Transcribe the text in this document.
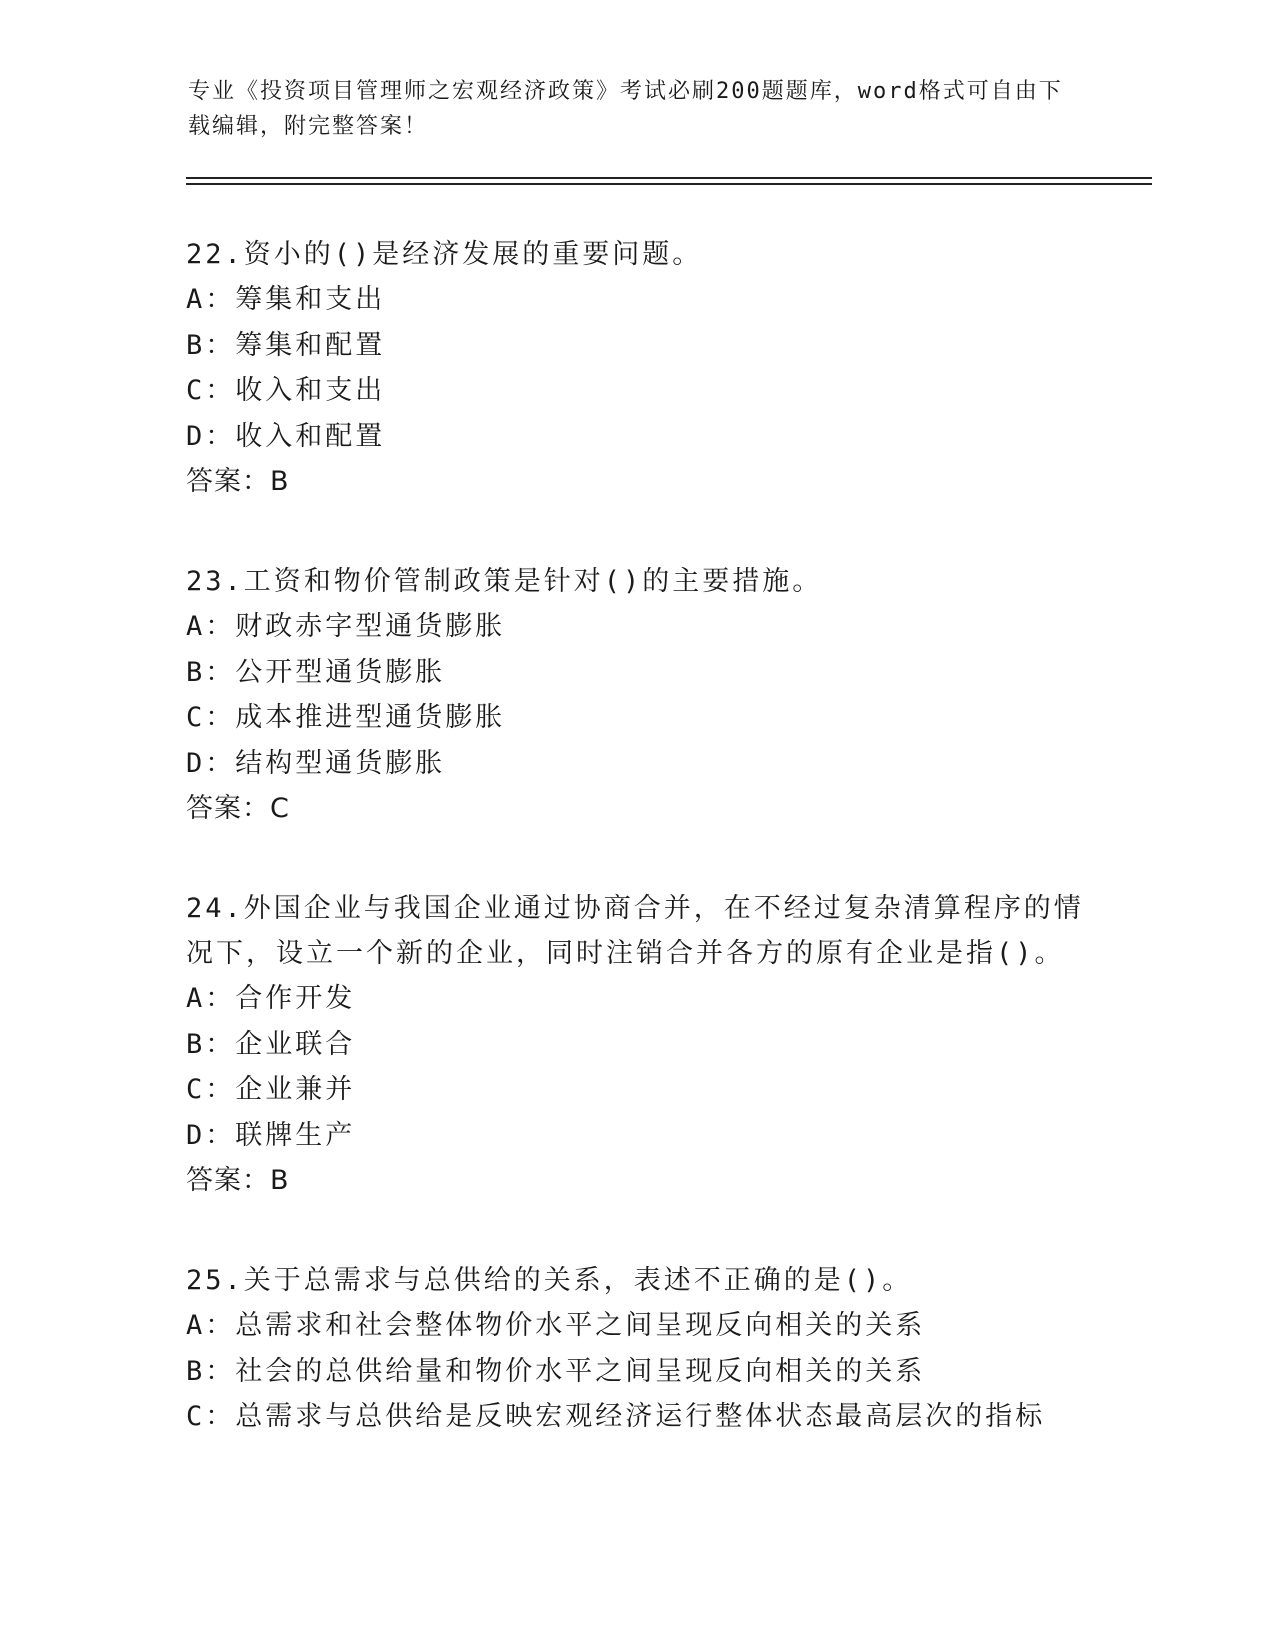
专业《投资项目管理师之宏观经济政策》考试必刷200题题库，word格式可自由下载编辑，附完整答案！

22.资小的()是经济发展的重要问题。

A：筹集和支出

B：筹集和配置

C：收入和支出

D：收入和配置

答案：B

23.工资和物价管制政策是针对()的主要措施。

A：财政赤字型通货膨胀

B：公开型通货膨胀

C：成本推进型通货膨胀

D：结构型通货膨胀

答案：C

24.外国企业与我国企业通过协商合并，在不经过复杂清算程序的情况下，设立一个新的企业，同时注销合并各方的原有企业是指()。

A：合作开发

B：企业联合

C：企业兼并

D：联牌生产

答案：B

25.关于总需求与总供给的关系，表述不正确的是()。

A：总需求和社会整体物价水平之间呈现反向相关的关系

B：社会的总供给量和物价水平之间呈现反向相关的关系

C：总需求与总供给是反映宏观经济运行整体状态最高层次的指标
